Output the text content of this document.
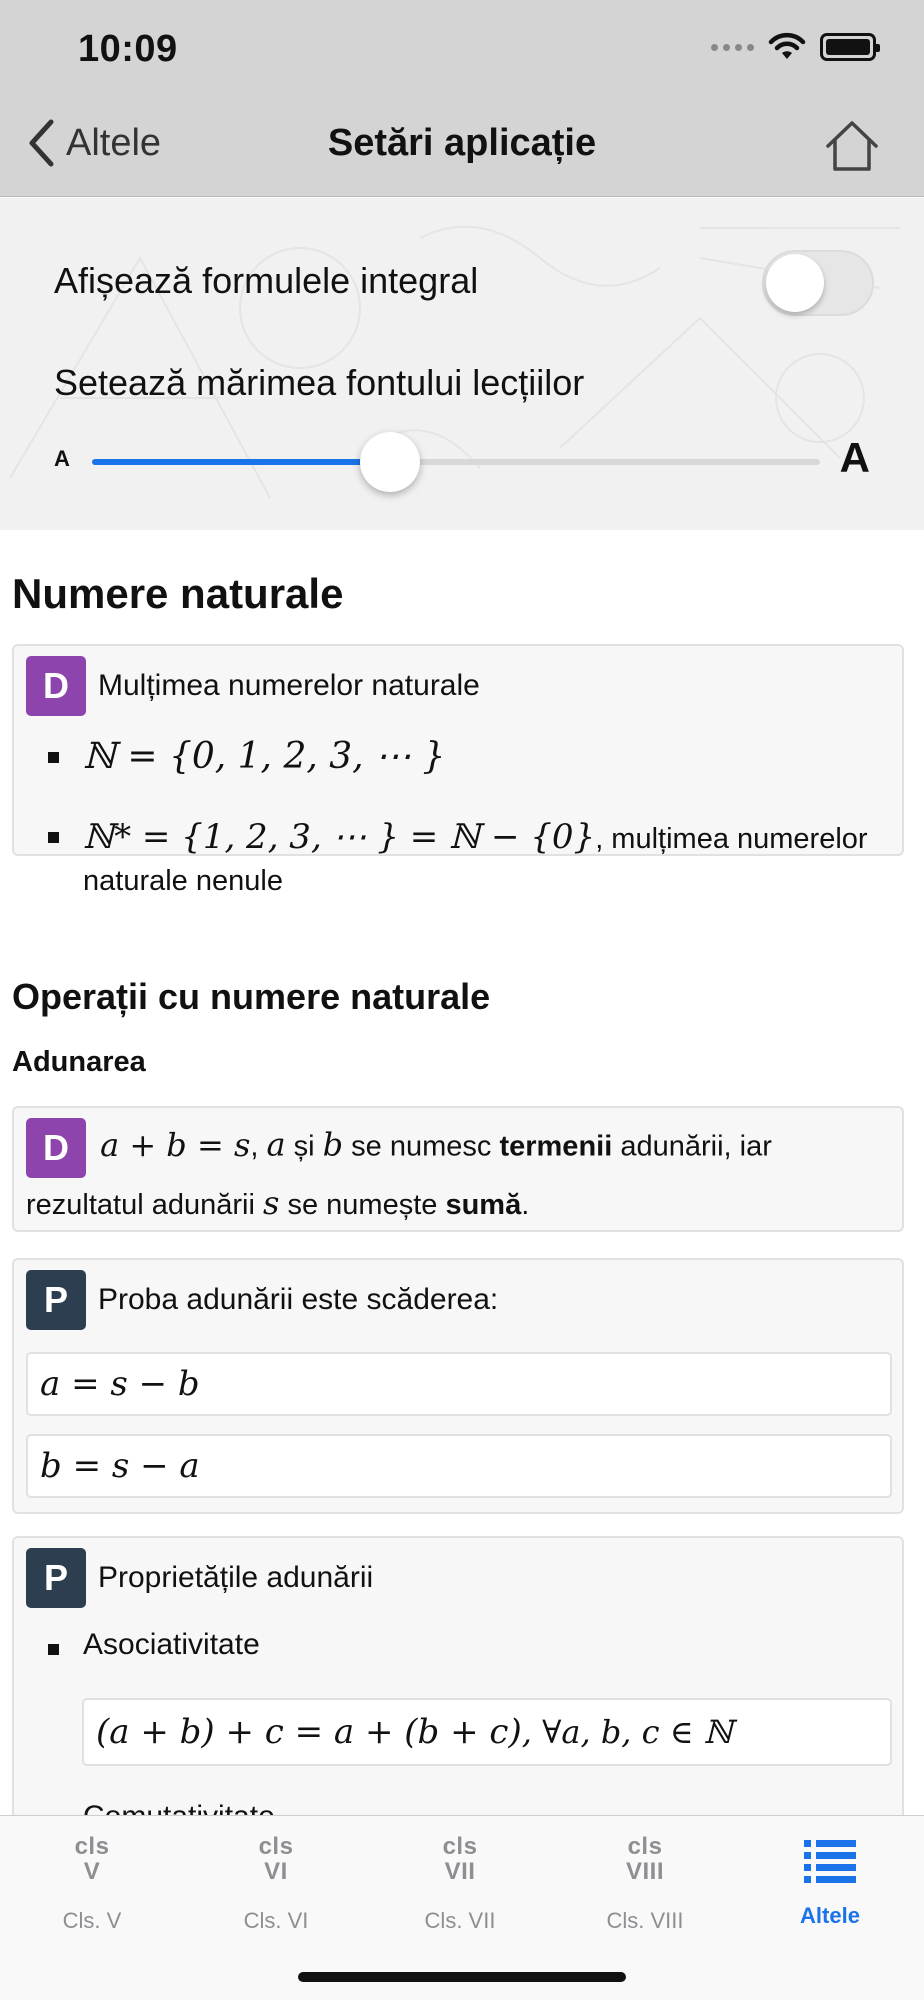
10:09
Altele	Setări aplicație
Afișează formulele integral
Setează mărimea fontului lecțiilor
A	A
Numere naturale
D Mulțimea numerelor naturale
ℕ = {0, 1, 2, 3, ⋯ }
ℕ* = {1, 2, 3, ⋯ } = ℕ − {0}, mulțimea numerelor
naturale nenule
Operații cu numere naturale
Adunarea
D a + b = s, a și b se numesc termenii adunării, iar
rezultatul adunării s se numește sumă.
P	Proba adunării este scăderea:
a = s − b
b = s − a
P	Proprietățile adunării
Asociativitate
(a + b) + c = a + (b + c), ∀a, b, c ∈ ℕ
cls
V
Cls. V
cls
VI
Cls. VI
cls
VII
Cls. VII
cls
VIII
Cls. VIII	Altele
